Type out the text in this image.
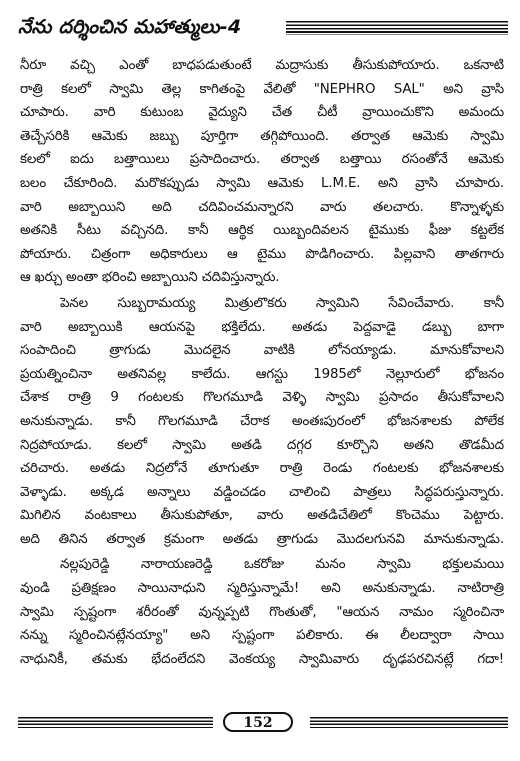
నేను దర్శించిన మహాత్ములు-4
నీరూ వచ్చి ఎంతో బాధపడుతుంటే మద్రాసుకు తీసుకుపోయారు. ఒకనాటి
రాత్రి కలలో స్వామి తెల్ల కాగితంపై వేలితో "NEPHRO SAL" అని వ్రాసి
చూపారు. వారి కుటుంబ వైద్యుని చేత చీటీ వ్రాయించుకొని అమందు
తెచ్చేసరికి ఆమెకు జబ్బు పూర్తిగా తగ్గిపోయింది. తర్వాత ఆమెకు స్వామి
కలలో ఐదు బత్తాయిలు ప్రసాదించారు. తర్వాత బత్తాయి రసంతోనే ఆమెకు
బలం చేకూరింది. మరొకప్పుడు స్వామి ఆమెకు L.M.E. అని వ్రాసి చూపారు.
వారి అబ్బాయిని అది చదివించమన్నారని వారు తలచారు. కొన్నాళ్ళకు
అతనికి సీటు వచ్చినది. కానీ ఆర్థిక యిబ్బందివలన టైముకు ఫీజు కట్టలేక
పోయారు. చిత్రంగా అధికారులు ఆ టైము పొడిగించారు. పిల్లవాని తాతగారు
ఆ ఖర్చు అంతా భరించి అబ్బాయిని చదివిస్తున్నారు.
పెనల సుబ్బరామయ్య మిత్రులొకరు స్వామిని సేవించేవారు. కానీ
వారి అబ్బాయికి ఆయనపై భక్తిలేదు. అతడు పెద్దవాడై డబ్బు బాగా
సంపాదించి త్రాగుడు మొదలైన వాటికి లోనయ్యాడు. మానుకోవాలని
ప్రయత్నించినా అతనివల్ల కాలేదు. ఆగస్టు 1985లో నెల్లూరులో భోజనం
చేశాక రాత్రి 9 గంటలకు గొలగమూడి వెళ్ళి స్వామి ప్రసాదం తీసుకోవాలని
అనుకున్నాడు. కానీ గొలగమూడి చేరాక అంతఃపురంలో భోజనశాలకు పోలేక
నిద్రపోయాడు. కలలో స్వామి అతడి దగ్గర కూర్చొని అతని తొడమీద
చరిచారు. అతడు నిద్రలోనే తూగుతూ రాత్రి రెండు గంటలకు భోజనశాలకు
వెళ్ళాడు. అక్కడ అన్నాలు వడ్డించడం చాలించి పాత్రలు సిద్ధపరుస్తున్నారు.
మిగిలిన వంటకాలు తీసుకుపోతూ, వారు అతడిచేతిలో కొంచెము పెట్టారు.
అది తినిన తర్వాత క్రమంగా అతడు త్రాగుడు మొదలగునవి మానుకున్నాడు.
నల్లపురెడ్డి నారాయణరెడ్డి ఒకరోజు మనం స్వామి భక్తులమయి
వుండి ప్రతిక్షణం సాయినాధుని స్మరిస్తున్నామే! అని అనుకున్నాడు. నాటిరాత్రి
స్వామి స్పష్టంగా శరీరంతో వున్నప్పటి గొంతుతో, "ఆయన నామం స్మరించినా
నన్ను స్మరించినట్లేనయ్యా" అని స్పష్టంగా పలికారు. ఈ లీలద్వారా సాయి
నాధునికీ, తమకు భేదంలేదని వెంకయ్య స్వామివారు దృఢపరచినట్లే గదా!
152
